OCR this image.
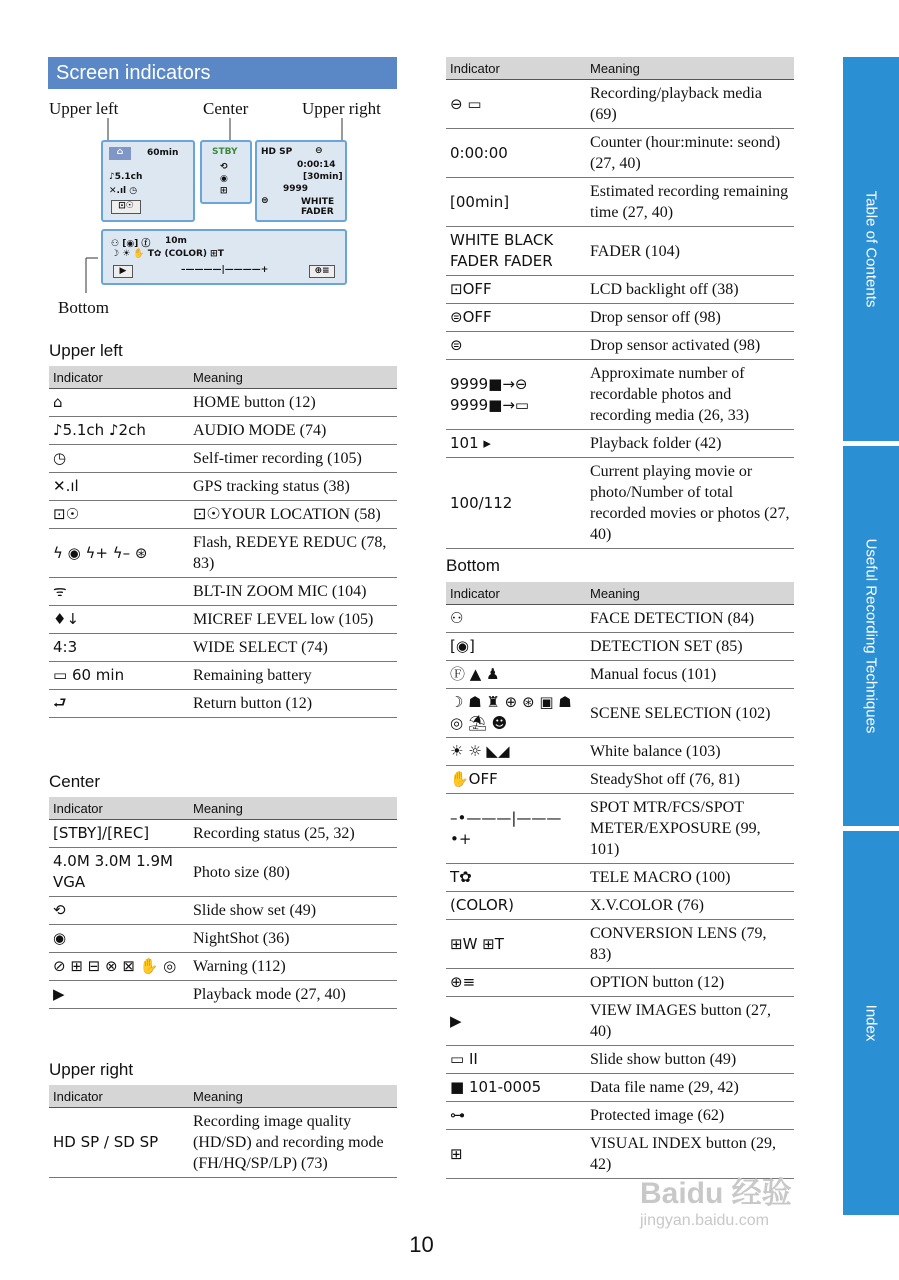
Screen indicators
Upper left	Center	Upper right
Bottom
⌂	60min
♪5.1ch
✕.ıl ◷
⊡☉
STBY
⟲
◉
⊞
HD SP	⊖
0:00:14
[30min]
9999
⊜	WHITE
FADER
⚇ [◉] ⓕ 10m
☽ ☀ ✋ T✿ (COLOR) ⊞T
▶	–————|————+	⊕≡
Upper left
Indicator	Meaning
⌂	HOME button (12)
♪5.1ch ♪2ch	AUDIO MODE (74)
◷	Self-timer recording (105)
✕.ıl	GPS tracking status (38)
⊡☉	⊡☉YOUR LOCATION (58)
ϟ ◉ ϟ+ ϟ– ⊛	Flash, REDEYE REDUC (78, 83)
ᯤ	BLT-IN ZOOM MIC (104)
♦↓	MICREF LEVEL low (105)
4:3	WIDE SELECT (74)
▭ 60 min	Remaining battery
⮐	Return button (12)
Center
Indicator	Meaning
[STBY]/[REC]	Recording status (25, 32)
4.0M 3.0M 1.9M VGA	Photo size (80)
⟲	Slide show set (49)
◉	NightShot (36)
⊘ ⊞ ⊟ ⊗ ⊠ ✋ ◎	Warning (112)
▶	Playback mode (27, 40)
Upper right
Indicator	Meaning
HD SP / SD SP	Recording image quality (HD/SD) and recording mode (FH/HQ/SP/LP) (73)
Indicator	Meaning
⊖ ▭	Recording/playback media (69)
0:00:00	Counter (hour:minute: seond) (27, 40)
[00min]	Estimated recording remaining time (27, 40)
WHITE BLACK FADER FADER	FADER (104)
⊡OFF	LCD backlight off (38)
⊜OFF	Drop sensor off (98)
⊜	Drop sensor activated (98)
9999■→⊖ 9999■→▭	Approximate number of recordable photos and recording media (26, 33)
101 ▸	Playback folder (42)
100/112	Current playing movie or photo/Number of total recorded movies or photos (27, 40)
Bottom
Indicator	Meaning
⚇	FACE DETECTION (84)
[◉]	DETECTION SET (85)
Ⓕ ▲ ♟	Manual focus (101)
☽ ☗ ♜ ⊕ ⊛ ▣ ☗ ◎ ⛱ ☻	SCENE SELECTION (102)
☀ ☼ ◣◢	White balance (103)
✋OFF	SteadyShot off (76, 81)
–•———|———•+	SPOT MTR/FCS/SPOT METER/EXPOSURE (99, 101)
T✿	TELE MACRO (100)
(COLOR)	X.V.COLOR (76)
⊞W ⊞T	CONVERSION LENS (79, 83)
⊕≡	OPTION button (12)
▶	VIEW IMAGES button (27, 40)
▭ II	Slide show button (49)
■ 101-0005	Data file name (29, 42)
⊶	Protected image (62)
⊞	VISUAL INDEX button (29, 42)
Table of Contents
Useful Recording Techniques
Index
10
Baidu 经验
jingyan.baidu.com
